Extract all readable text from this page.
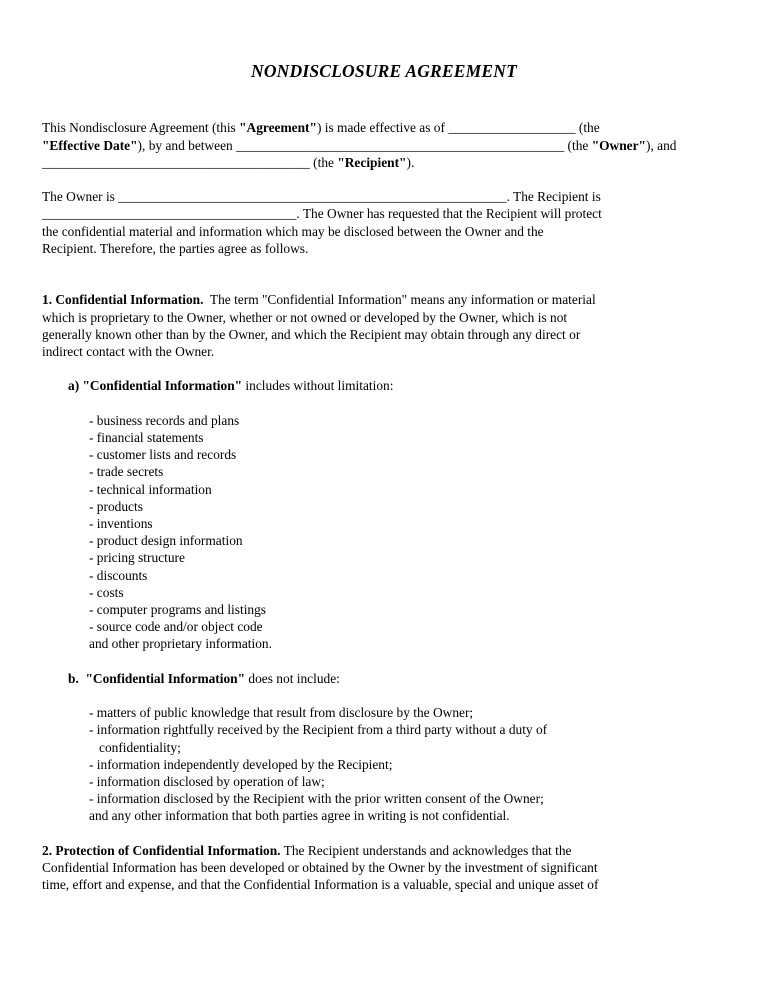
NONDISCLOSURE AGREEMENT
This Nondisclosure Agreement (this "Agreement") is made effective as of ___________________ (the
"Effective Date"), by and between _________________________________________________ (the "Owner"), and
________________________________________ (the "Recipient").
The Owner is __________________________________________________________. The Recipient is
______________________________________. The Owner has requested that the Recipient will protect
the confidential material and information which may be disclosed between the Owner and the
Recipient. Therefore, the parties agree as follows.
1. Confidential Information.  The term "Confidential Information" means any information or material
which is proprietary to the Owner, whether or not owned or developed by the Owner, which is not
generally known other than by the Owner, and which the Recipient may obtain through any direct or
indirect contact with the Owner.
a) "Confidential Information" includes without limitation:
- business records and plans
- financial statements
- customer lists and records
- trade secrets
- technical information
- products
- inventions
- product design information
- pricing structure
- discounts
- costs
- computer programs and listings
- source code and/or object code
and other proprietary information.
b.  "Confidential Information" does not include:
- matters of public knowledge that result from disclosure by the Owner;
- information rightfully received by the Recipient from a third party without a duty of
confidentiality;
- information independently developed by the Recipient;
- information disclosed by operation of law;
- information disclosed by the Recipient with the prior written consent of the Owner;
and any other information that both parties agree in writing is not confidential.
2. Protection of Confidential Information. The Recipient understands and acknowledges that the
Confidential Information has been developed or obtained by the Owner by the investment of significant
time, effort and expense, and that the Confidential Information is a valuable, special and unique asset of
